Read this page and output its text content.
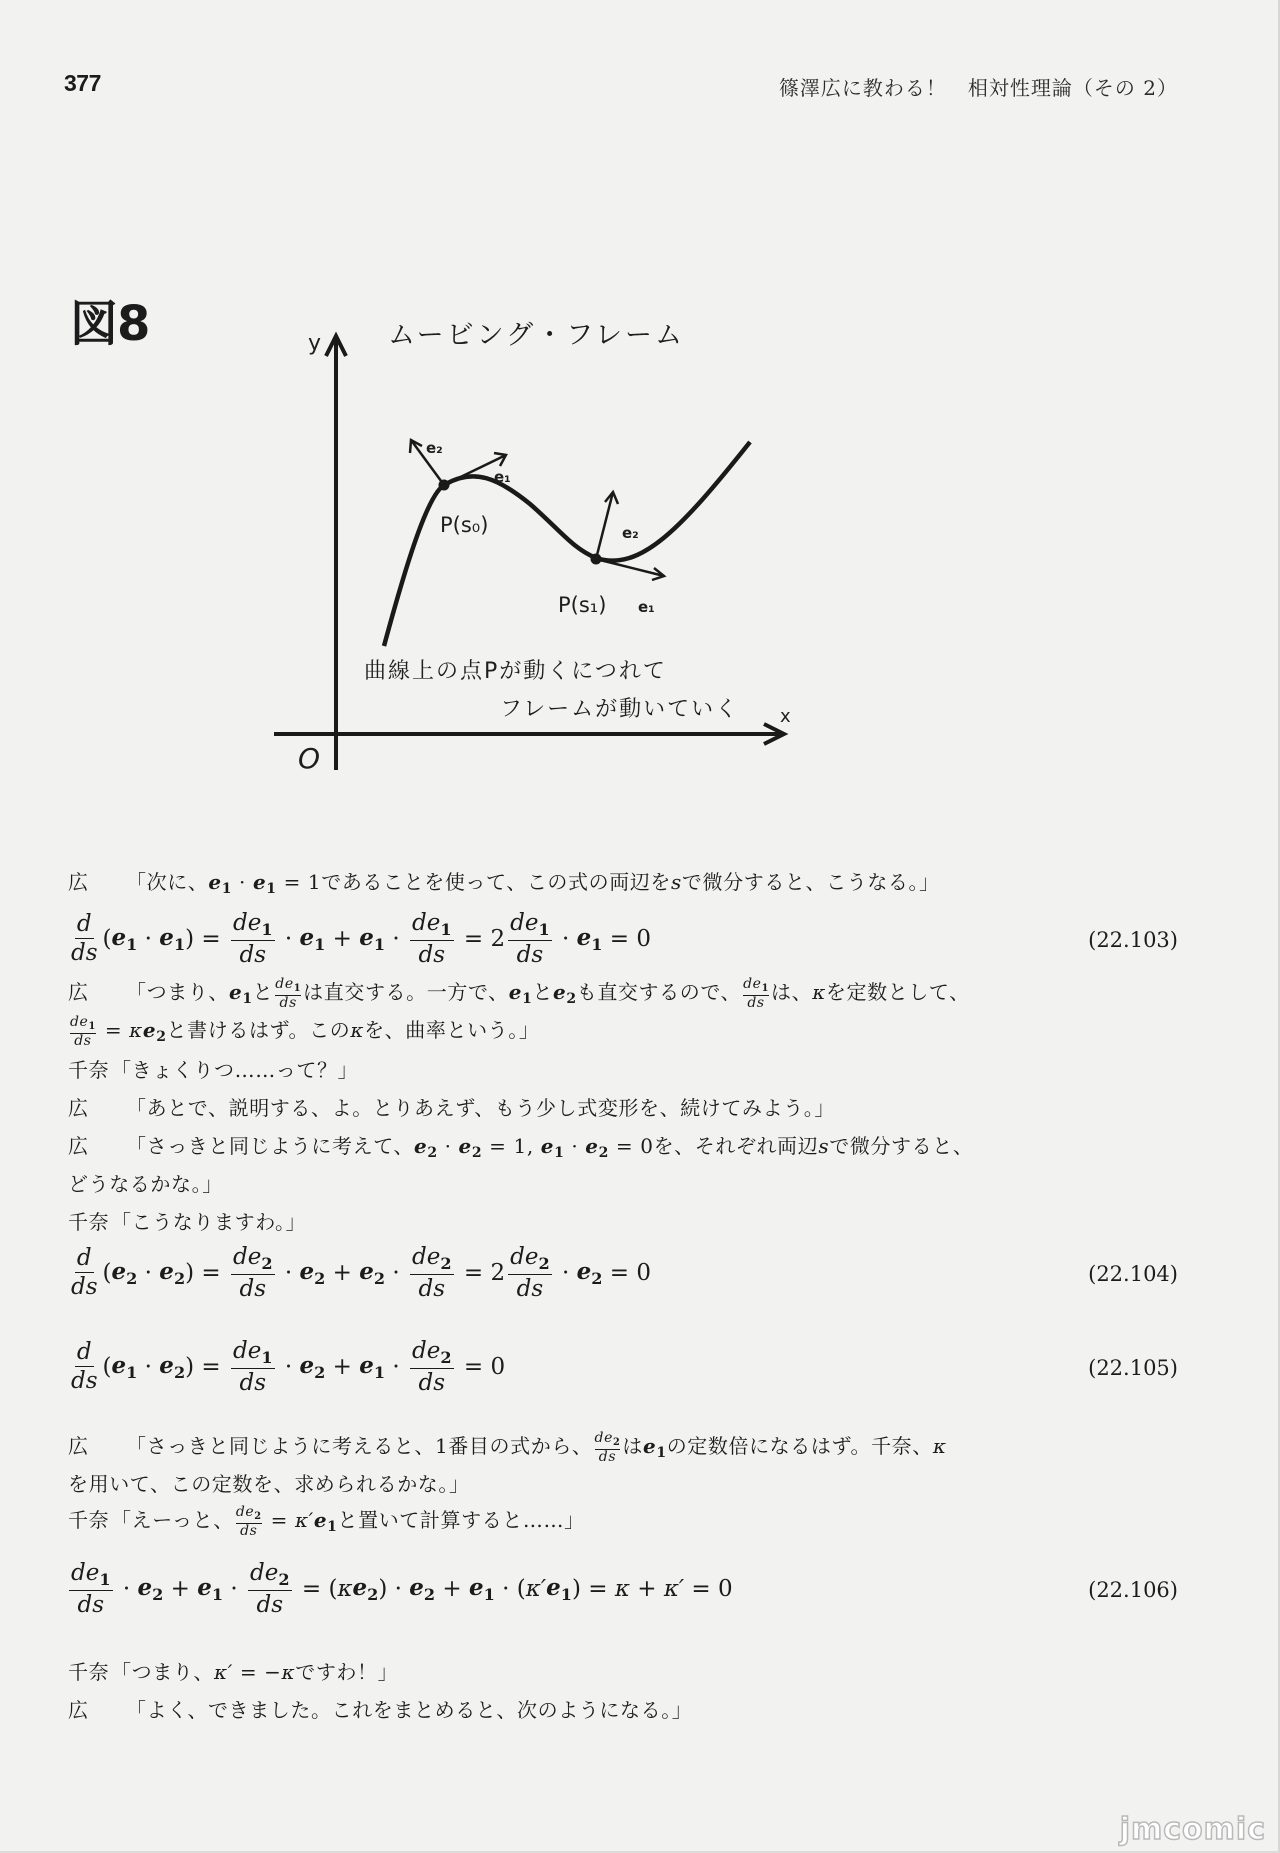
377	篠澤広に教わる！　相対性理論（その 2）
図8	y
x
O
ムービング・フレーム
e₂
e₁
P(s₀)	e₂
e₁
P(s₁)
曲線上の点Pが動くにつれて
フレームが動いていく
広 「次に、$e_1 \cdot e_1 = 1$であることを使って、この式の両辺をsで微分すると、こうなる。」
$\frac{d}{ds}$ ( $e_1 \cdot e_1$ ) = $\frac{de_1}{ds} \cdot e_1 + e_1 \cdot \frac{de_1}{ds} = 2 \frac{de_1}{ds} \cdot e_1 = 0$	(22.103)
広 「つまり、$e_1$と $\frac{de_1}{ds}$ は直交する。一方で、$e_1$と$e_2$も直交するので、 $\frac{de_1}{ds}$ は、κを定数として、
$\frac{de_1}{ds} = \kappa e_2$と書けるはず。このκを、曲率という。」
千奈「きょくりつ……って？」
広 「あとで、説明する、よ。とりあえず、もう少し式変形を、続けてみよう。」
広 「さっきと同じように考えて、$e_2 \cdot e_2 = 1$, $e_1 \cdot e_2 = 0$を、それぞれ両辺sで微分すると、
どうなるかな。」
千奈「こうなりますわ。」
$\frac{d}{ds}$ ( $e_2 \cdot e_2$ ) = $\frac{de_2}{ds} \cdot e_2 + e_2 \cdot \frac{de_2}{ds} = 2 \frac{de_2}{ds} \cdot e_2 = 0$	(22.104)
$\frac{d}{ds}$ ( $e_1 \cdot e_2$ ) = $\frac{de_1}{ds} \cdot e_2 + e_1 \cdot \frac{de_2}{ds} = 0$	(22.105)
広 「さっきと同じように考えると、1番目の式から、 $\frac{de_2}{ds}$ は$e_1$の定数倍になるはず。千奈、κ
を用いて、この定数を、求められるかな。」
千奈「えーっと、 $\frac{de_2}{ds} = \kappa'e_1$と置いて計算すると……」
$\frac{de_1}{ds} \cdot e_2 + e_1 \cdot \frac{de_2}{ds}$ = ( κ $e_2$ ) · $e_2 + e_1$ · ( κ′ $e_1$ ) = κ + κ′ = 0	(22.106)
千奈「つまり、κ′ = −κですわ！」
広 「よく、できました。これをまとめると、次のようになる。」
jmcomic
